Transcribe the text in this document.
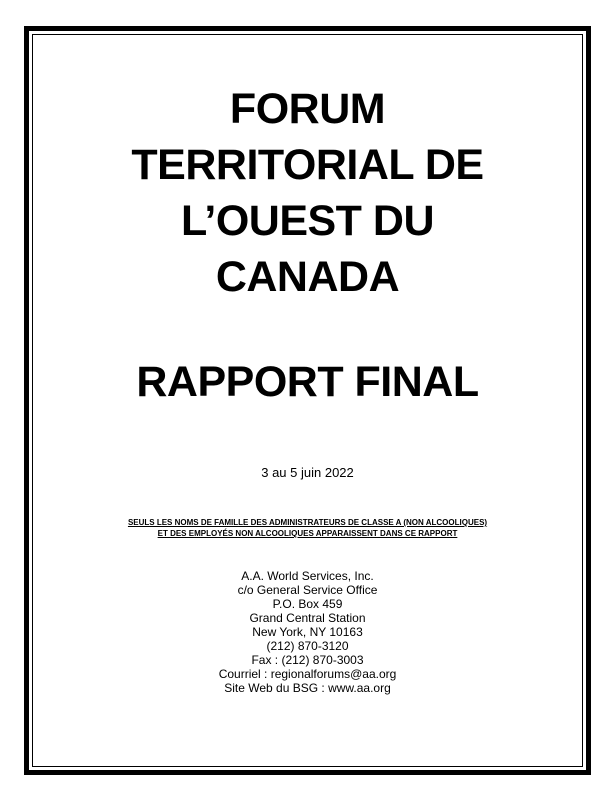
FORUM
TERRITORIAL DE
L’OUEST DU
CANADA
RAPPORT FINAL
3 au 5 juin 2022
SEULS LES NOMS DE FAMILLE DES ADMINISTRATEURS DE CLASSE A (NON ALCOOLIQUES)
ET DES EMPLOYÉS NON ALCOOLIQUES APPARAISSENT DANS CE RAPPORT
A.A. World Services, Inc.
c/o General Service Office
P.O. Box 459
Grand Central Station
New York, NY 10163
(212) 870-3120
Fax : (212) 870-3003
Courriel : regionalforums@aa.org
Site Web du BSG : www.aa.org
